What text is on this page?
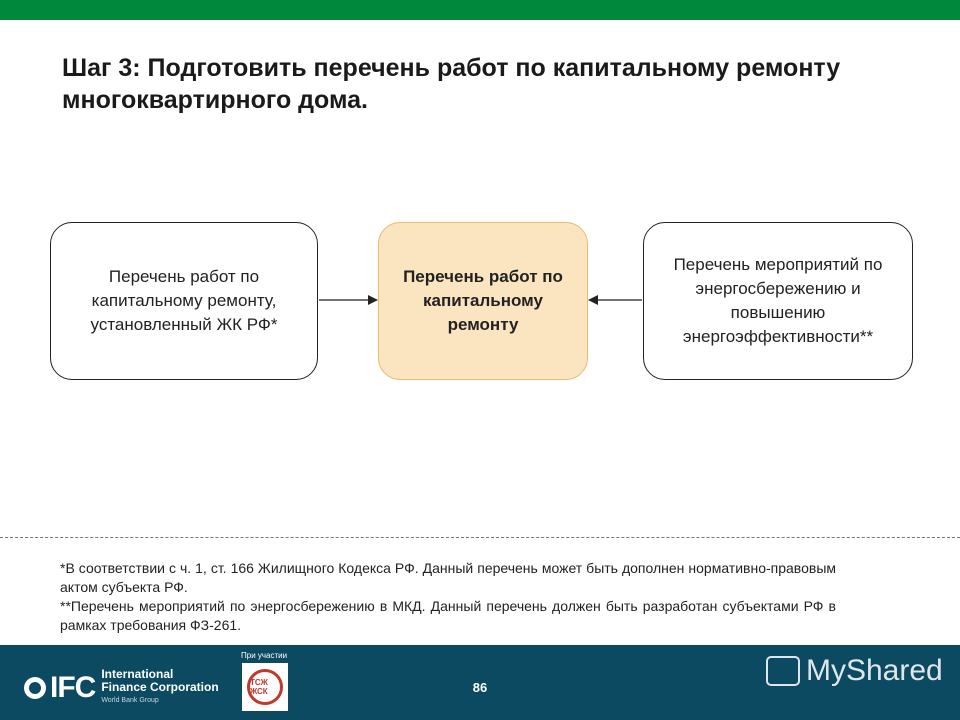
Шаг 3: Подготовить перечень работ по капитальному ремонту многоквартирного дома.
Перечень работ по капитальному ремонту, установленный ЖК РФ*
Перечень работ по капитальному ремонту
Перечень мероприятий по энергосбережению и повышению энергоэффективности**

*В соответствии с ч. 1, ст. 166 Жилищного Кодекса РФ. Данный перечень может быть дополнен нормативно-правовым актом субъекта РФ.

**Перечень мероприятий по энергосбережению в МКД. Данный перечень должен быть разработан субъектами РФ в рамках требования ФЗ-261.

IFC International
Finance Corporation
World Bank Group
При участии
ТСЖ ЖСК	86
MyShared
